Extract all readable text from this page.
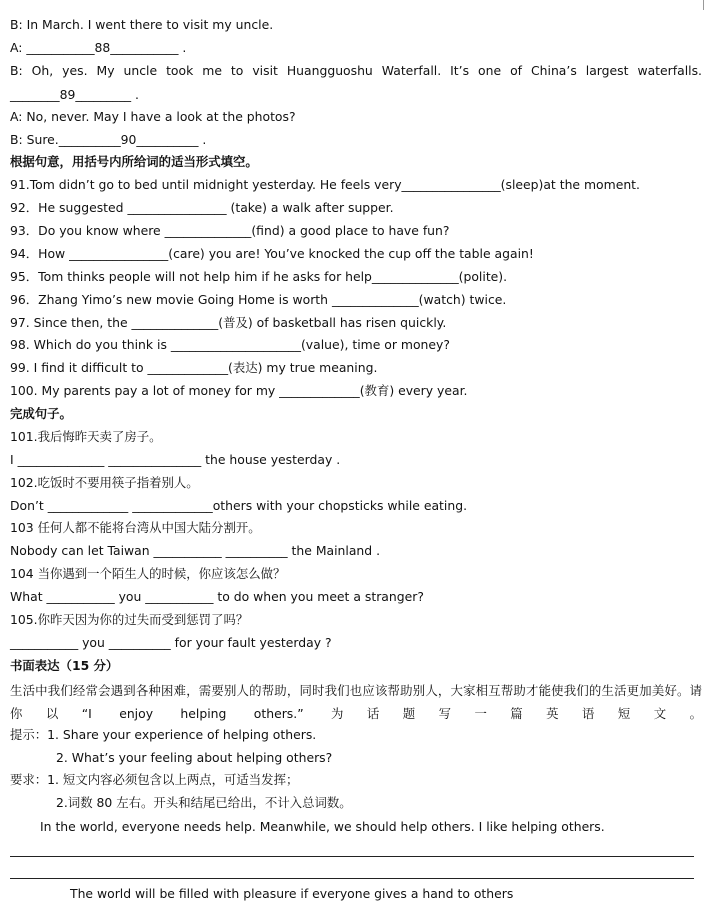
B: In March. I went there to visit my uncle.
A: ___________88___________ .
B: Oh, yes. My uncle took me to visit Huangguoshu Waterfall. It’s one of China’s largest waterfalls.
________89_________ .
A: No, never. May I have a look at the photos?
B: Sure.__________90__________ .
根据句意，用括号内所给词的适当形式填空。
91.Tom didn’t go to bed until midnight yesterday. He feels very________________(sleep)at the moment.
92．He suggested ________________ (take) a walk after supper.
93．Do you know where ______________(find) a good place to have fun?
94．How ________________(care) you are! You’ve knocked the cup off the table again!
95．Tom thinks people will not help him if he asks for help______________(polite).
96．Zhang Yimo’s new movie Going Home is worth ______________(watch) twice.
97. Since then, the ______________(普及) of basketball has risen quickly.
98. Which do you think is _____________________(value), time or money?
99. I find it difficult to _____________(表达) my true meaning.
100. My parents pay a lot of money for my _____________(教育) every year.
完成句子。
101.我后悔昨天卖了房子。
I ______________ _______________ the house yesterday .
102.吃饭时不要用筷子指着别人。
Don’t _____________ _____________others with your chopsticks while eating.
103 任何人都不能将台湾从中国大陆分割开。
Nobody can let Taiwan ___________ __________ the Mainland .
104 当你遇到一个陌生人的时候，你应该怎么做？
What ___________ you ___________ to do when you meet a stranger?
105.你昨天因为你的过失而受到惩罚了吗？
___________ you __________ for your fault yesterday ?
书面表达（15 分）
生活中我们经常会遇到各种困难，需要别人的帮助，同时我们也应该帮助别人，大家相互帮助才能使我们的生活更加美好。请你以“I enjoy helping others.” 为话题写一篇英语短文。
提示：1. Share your experience of helping others.
2. What’s your feeling about helping others?
要求：1. 短文内容必须包含以上两点，可适当发挥；
2.词数 80 左右。开头和结尾已给出，不计入总词数。
In the world, everyone needs help. Meanwhile, we should help others. I like helping others.
The world will be filled with pleasure if everyone gives a hand to others
